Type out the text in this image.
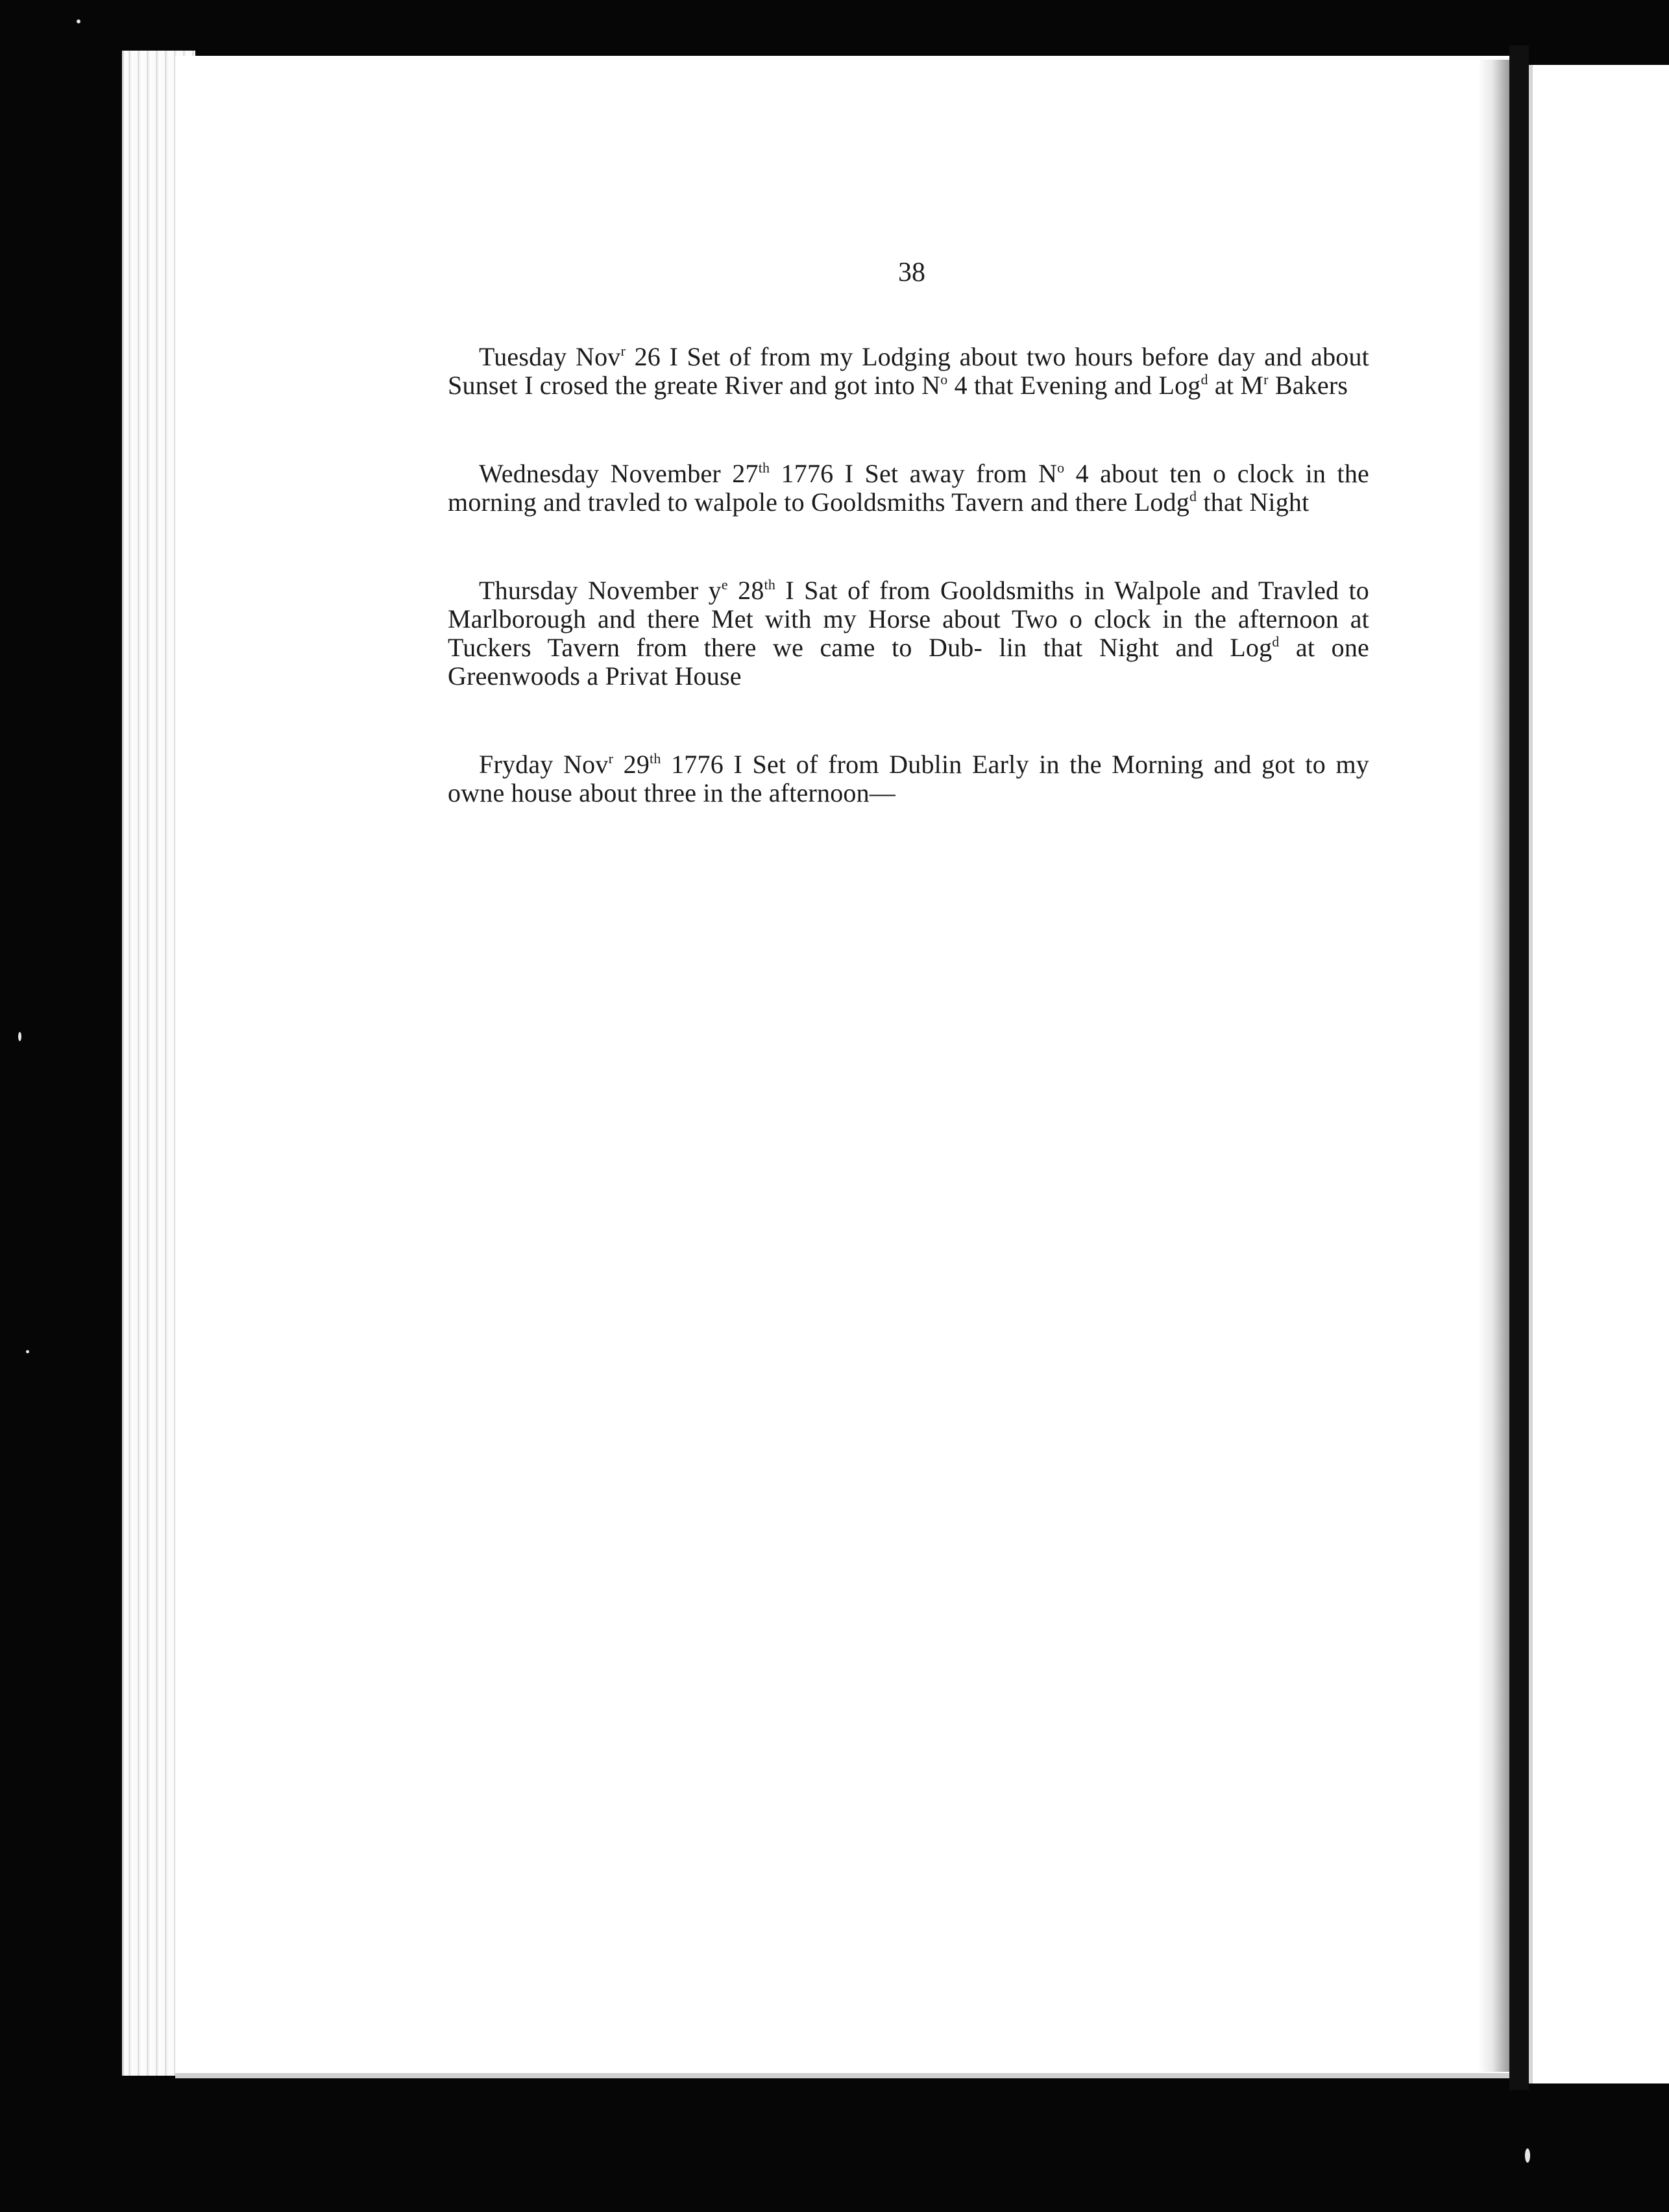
38

Tuesday Nov$^r$ 26 I Set of from my Lodging about two hours before day and about Sunset I crosed the greate River and got into $N^o$ 4 that Evening and Log$^d$ at $M^r$ Bakers

Wednesday November 27th 1776 I Set away from $N^o$ 4 about ten o clock in the morning and travled to walpole to Gooldsmiths Tavern and there Lodg$^d$ that Night

Thursday November $y^e$ 28th I Sat of from Gooldsmiths in Walpole and Travled to Marlborough and there Met with my Horse about Two o clock in the afternoon at Tuckers Tavern from there we came to Dub- lin that Night and Log$^d$ at one Greenwoods a Privat House

Fryday Nov$^r$ 29th 1776 I Set of from Dublin Early in the Morning and got to my owne house about three in the afternoon—
